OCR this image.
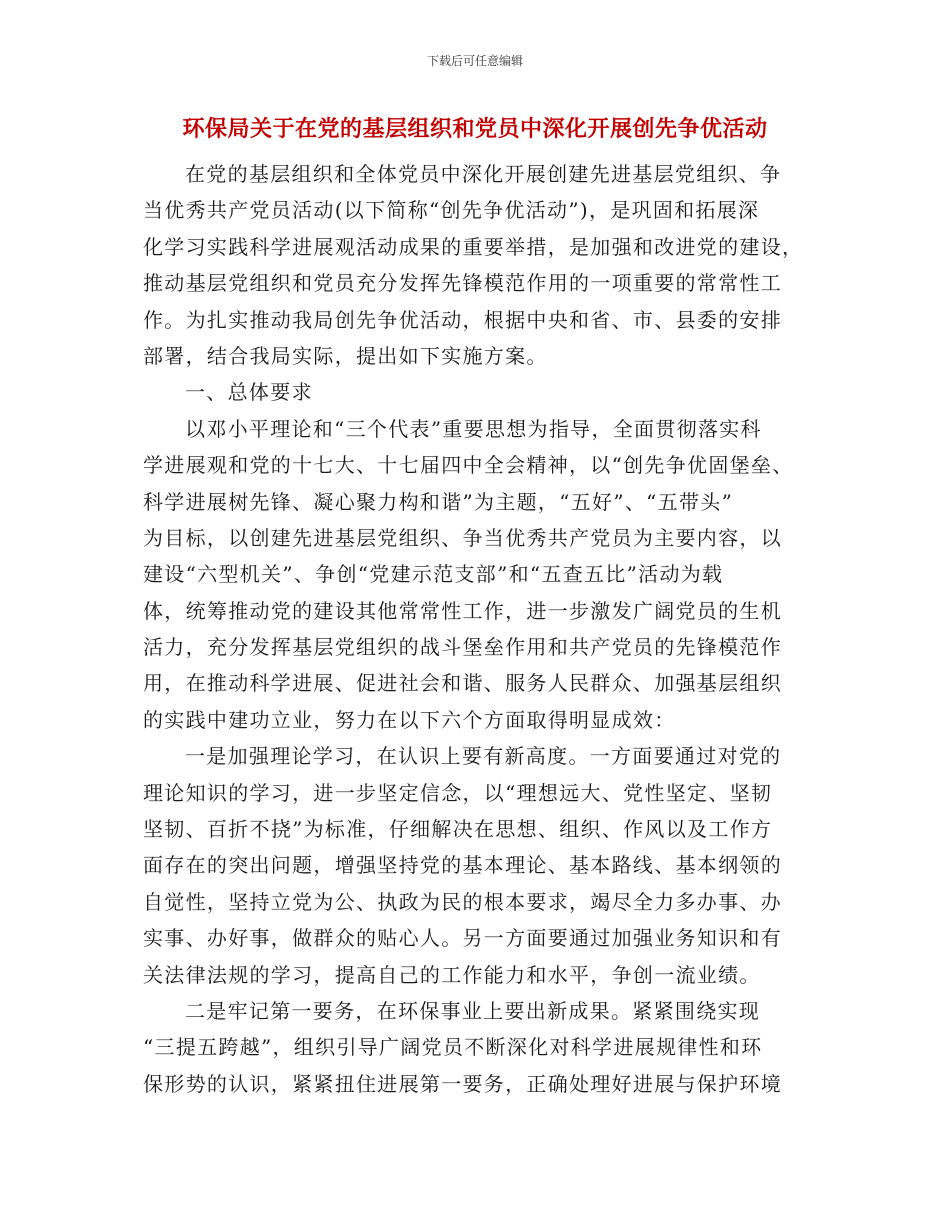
下载后可任意编辑
环保局关于在党的基层组织和党员中深化开展创先争优活动
在党的基层组织和全体党员中深化开展创建先进基层党组织、争
当优秀共产党员活动(以下简称“创先争优活动”)，是巩固和拓展深
化学习实践科学进展观活动成果的重要举措，是加强和改进党的建设，
推动基层党组织和党员充分发挥先锋模范作用的一项重要的常常性工
作。为扎实推动我局创先争优活动，根据中央和省、市、县委的安排
部署，结合我局实际，提出如下实施方案。
一、总体要求
以邓小平理论和“三个代表”重要思想为指导，全面贯彻落实科
学进展观和党的十七大、十七届四中全会精神，以“创先争优固堡垒、
科学进展树先锋、凝心聚力构和谐”为主题，“五好”、“五带头”
为目标，以创建先进基层党组织、争当优秀共产党员为主要内容，以
建设“六型机关”、争创“党建示范支部”和“五查五比”活动为载
体，统筹推动党的建设其他常常性工作，进一步激发广阔党员的生机
活力，充分发挥基层党组织的战斗堡垒作用和共产党员的先锋模范作
用，在推动科学进展、促进社会和谐、服务人民群众、加强基层组织
的实践中建功立业，努力在以下六个方面取得明显成效：
一是加强理论学习，在认识上要有新高度。一方面要通过对党的
理论知识的学习，进一步坚定信念，以“理想远大、党性坚定、坚韧
坚韧、百折不挠”为标准，仔细解决在思想、组织、作风以及工作方
面存在的突出问题，增强坚持党的基本理论、基本路线、基本纲领的
自觉性，坚持立党为公、执政为民的根本要求，竭尽全力多办事、办
实事、办好事，做群众的贴心人。另一方面要通过加强业务知识和有
关法律法规的学习，提高自己的工作能力和水平，争创一流业绩。
二是牢记第一要务，在环保事业上要出新成果。紧紧围绕实现
“三提五跨越”，组织引导广阔党员不断深化对科学进展规律性和环
保形势的认识，紧紧扭住进展第一要务，正确处理好进展与保护环境
